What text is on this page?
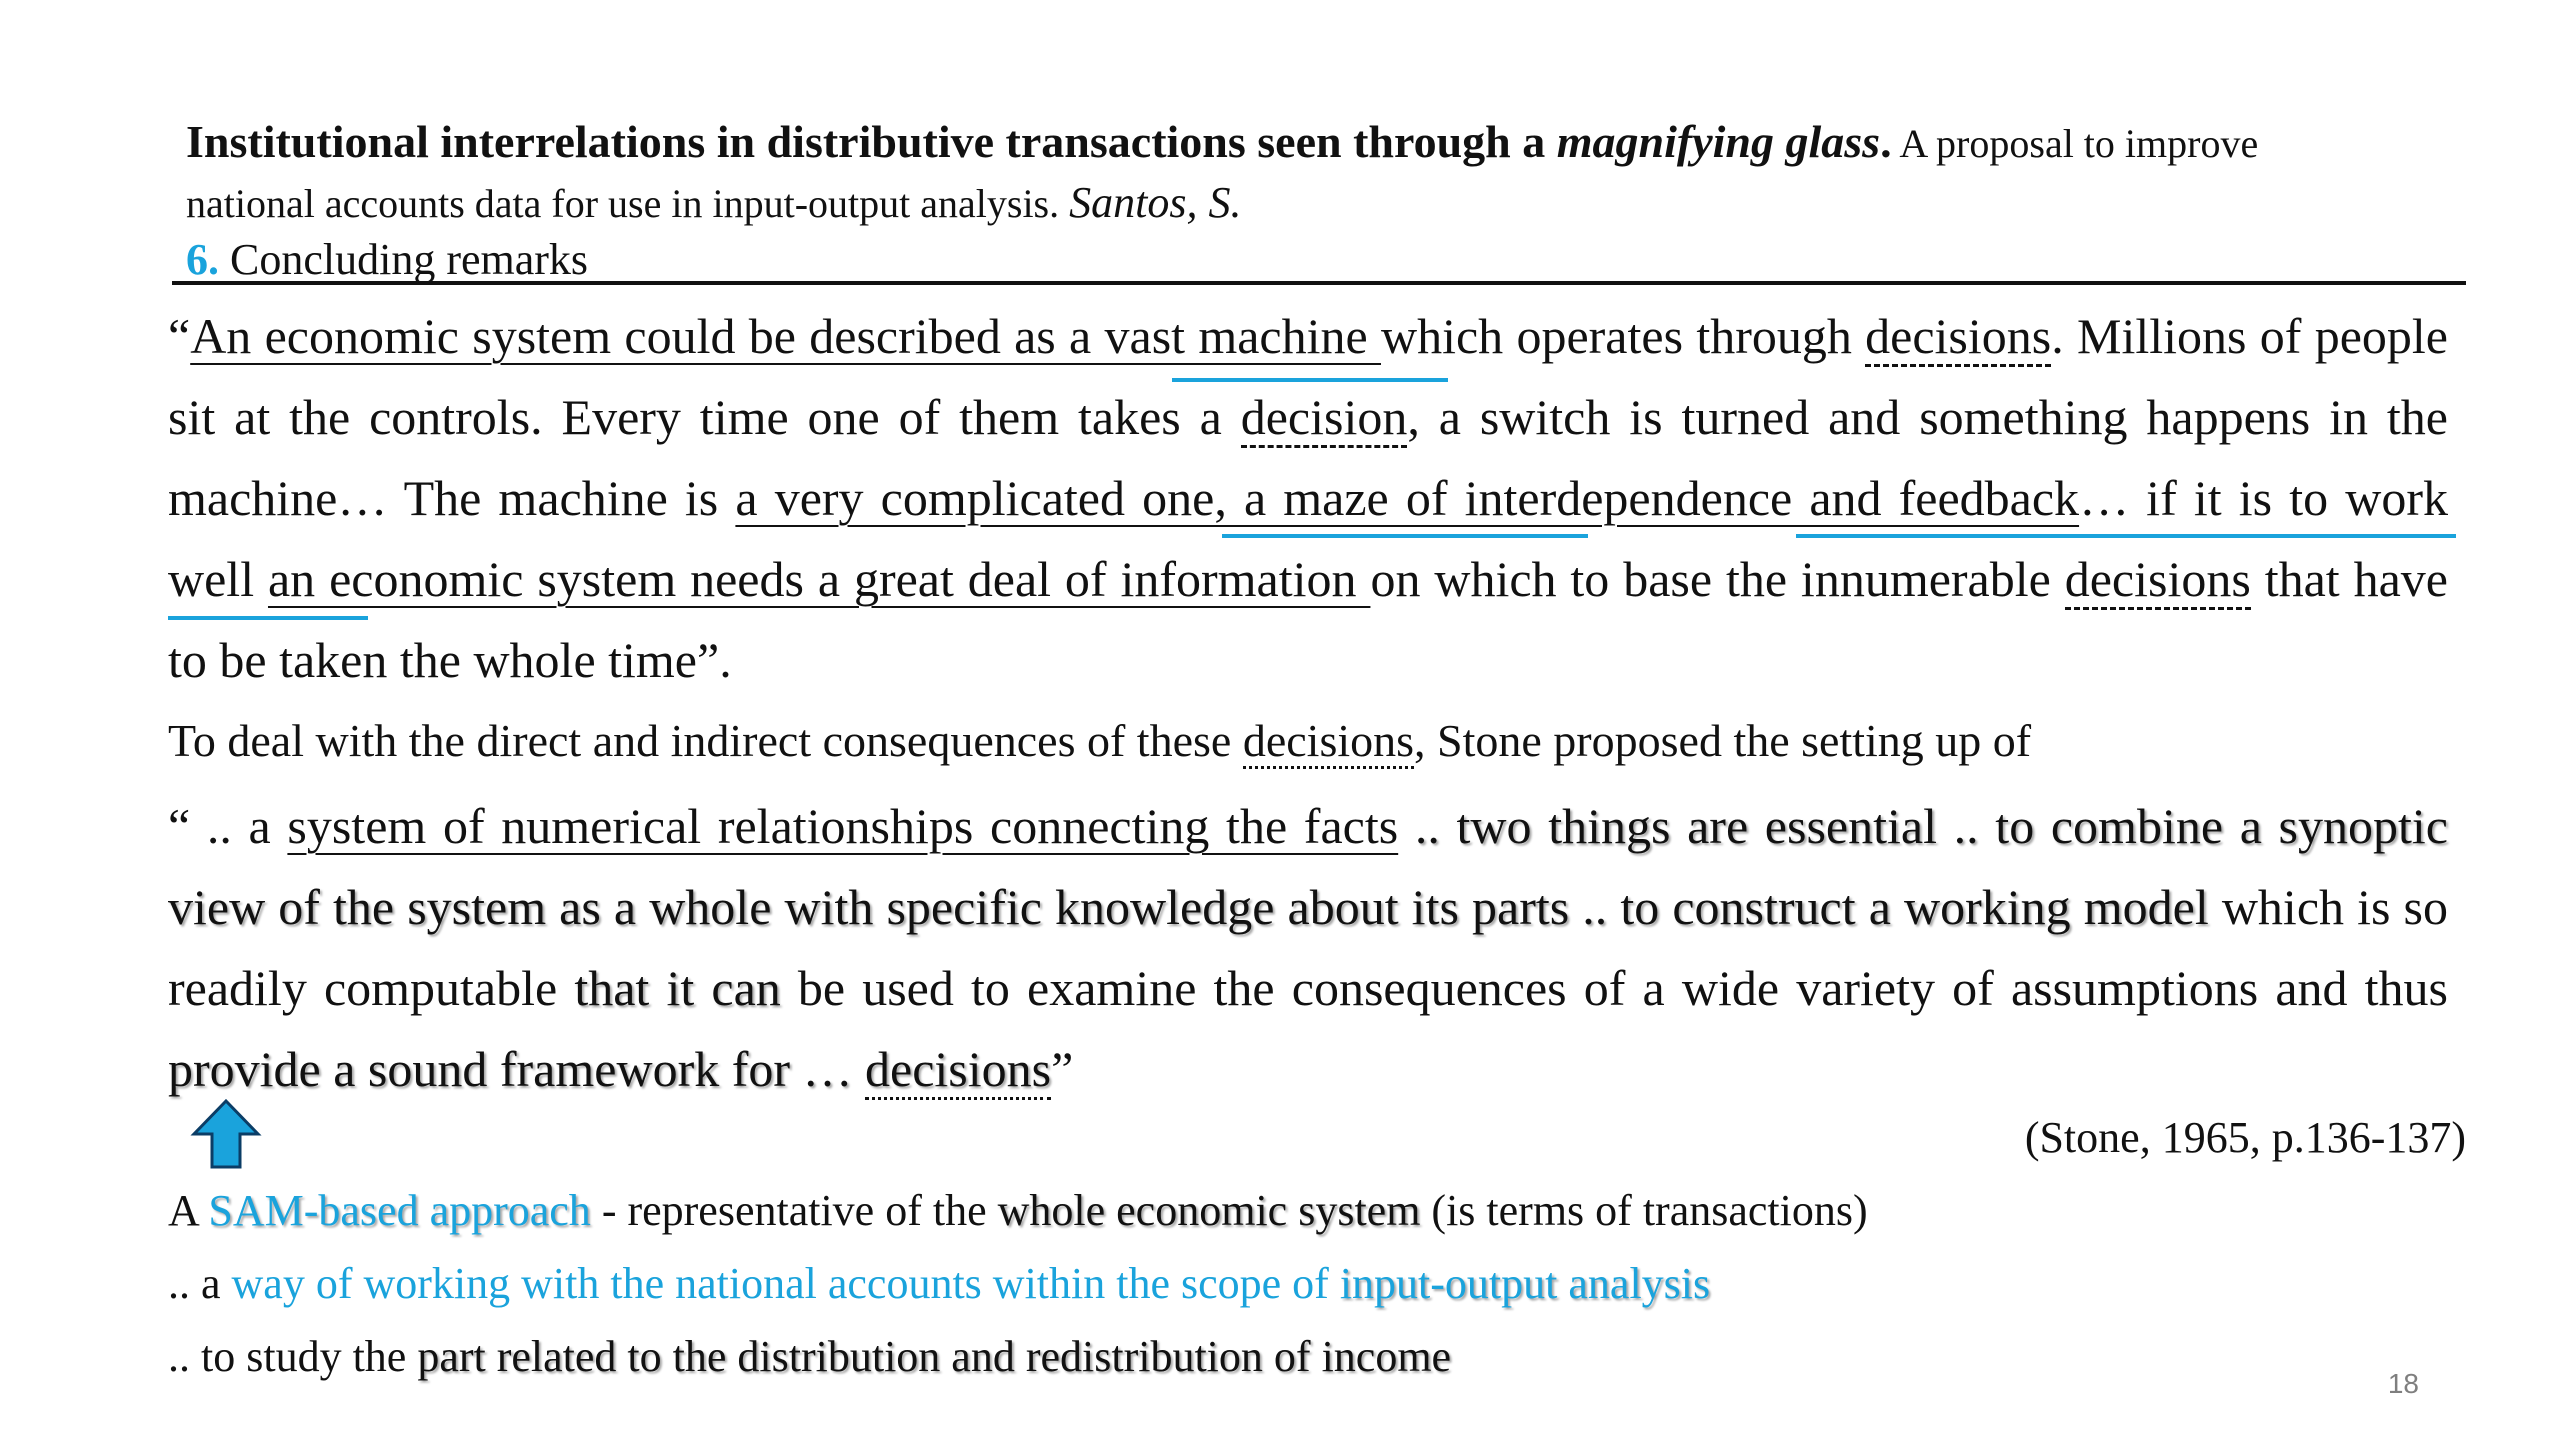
Institutional interrelations in distributive transactions seen through a magnifying glass. A proposal to improve
national accounts data for use in input-output analysis. Santos, S.
6. Concluding remarks
“An economic system could be described as a vast machine which operates through decisions. Millions of people sit at the controls. Every time one of them takes a decision, a switch is turned and something happens in the machine… The machine is a very complicated one, a maze of interdependence and feedback… if it is to work well an economic system needs a great deal of information on which to base the innumerable decisions that have to be taken the whole time”.
To deal with the direct and indirect consequences of these decisions, Stone proposed the setting up of
“ .. a system of numerical relationships connecting the facts .. two things are essential .. to combine a synoptic view of the system as a whole with specific knowledge about its parts .. to construct a working model which is so readily computable that it can be used to examine the consequences of a wide variety of assumptions and thus provide a sound framework for … decisions”
(Stone, 1965, p.136-137)
A SAM-based approach - representative of the whole economic system (is terms of transactions)
.. a way of working with the national accounts within the scope of input-output analysis
.. to study the part related to the distribution and redistribution of income
18
